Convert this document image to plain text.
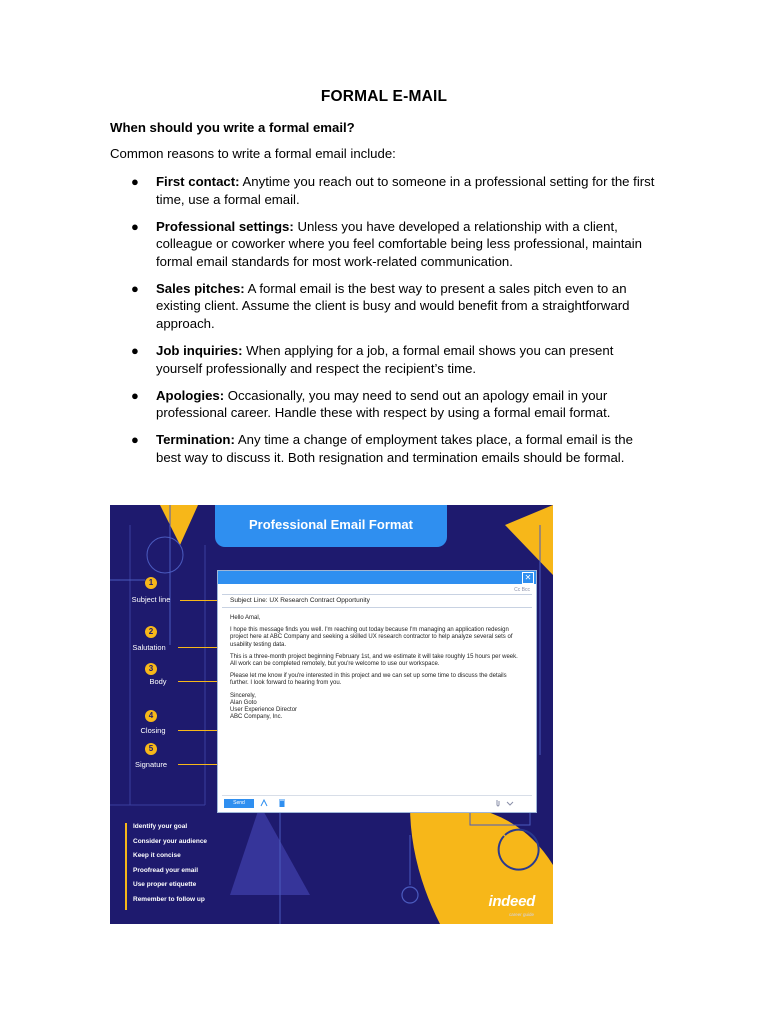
FORMAL E-MAIL
When should you write a formal email?
Common reasons to write a formal email include:
● First contact: Anytime you reach out to someone in a professional setting for the first time, use a formal email.
● Professional settings: Unless you have developed a relationship with a client, colleague or coworker where you feel comfortable being less professional, maintain formal email standards for most work-related communication.
● Sales pitches: A formal email is the best way to present a sales pitch even to an existing client. Assume the client is busy and would benefit from a straightforward approach.
● Job inquiries: When applying for a job, a formal email shows you can present yourself professionally and respect the recipient’s time.
● Apologies: Occasionally, you may need to send out an apology email in your professional career. Handle these with respect by using a formal email format.
● Termination: Any time a change of employment takes place, a formal email is the best way to discuss it. Both resignation and termination emails should be formal.
Professional Email Format
1
Subject line
2
Salutation
3
Body
4
Closing
5
Signature
✕
Cc Bcc
Subject Line: UX Research Contract Opportunity

Hello Amal,

I hope this message finds you well. I'm reaching out today because I'm managing an application redesign project here at ABC Company and seeking a skilled UX research contractor to help analyze several sets of usability testing data.

This is a three-month project beginning February 1st, and we estimate it will take roughly 15 hours per week. All work can be completed remotely, but you're welcome to use our workspace.

Please let me know if you're interested in this project and we can set up some time to discuss the details further. I look forward to hearing from you.

Sincerely,
Alan Goto
User Experience Director
ABC Company, Inc.
Send
Identify your goal
Consider your audience
Keep it concise
Proofread your email
Use proper etiquette
Remember to follow up	indeed
career guide
